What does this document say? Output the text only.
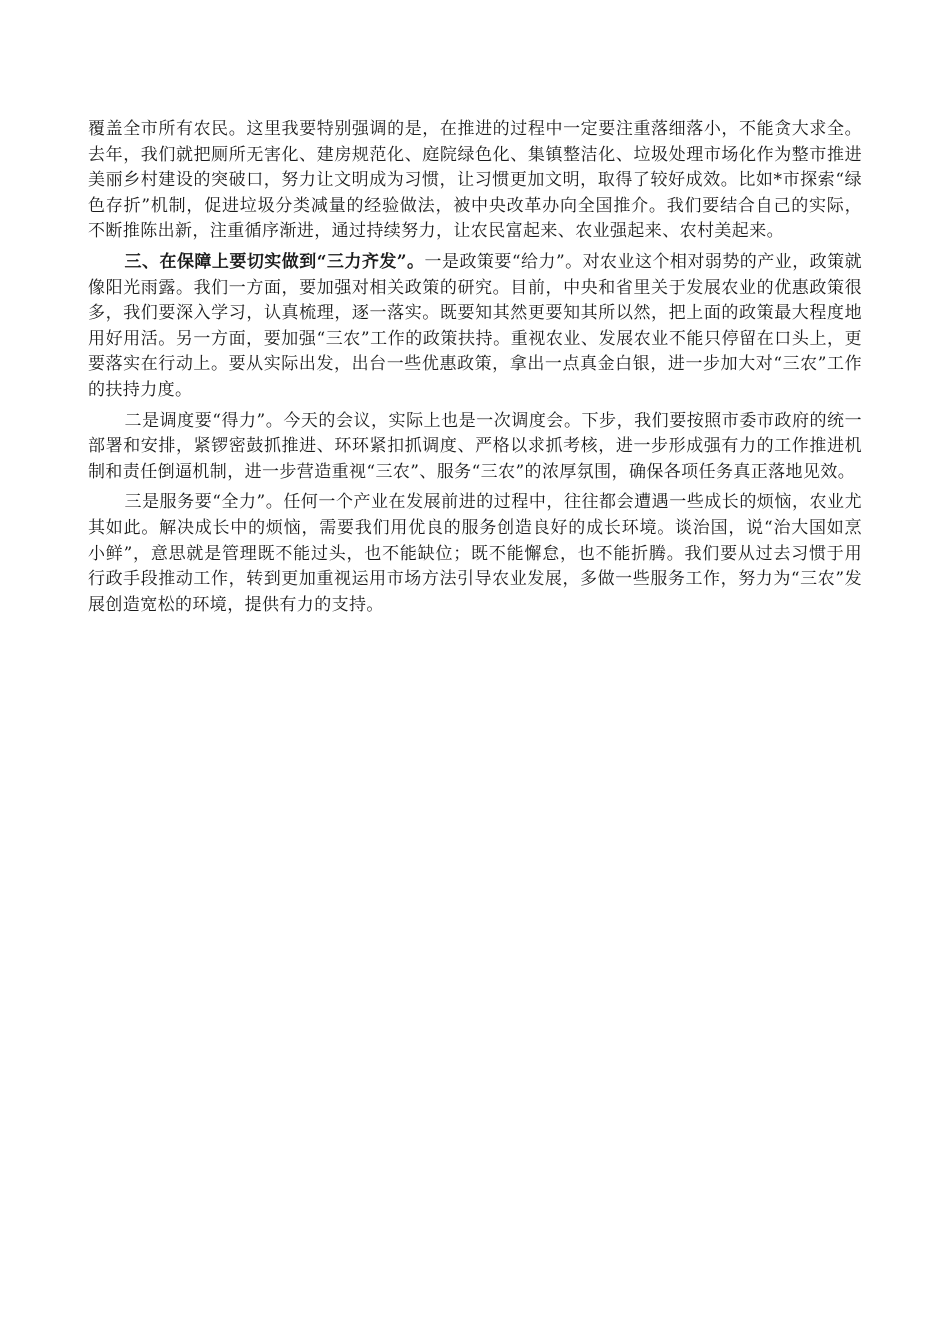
覆盖全市所有农民。这里我要特别强调的是，在推进的过程中一定要注重落细落小，不能贪大求全。去年，我们就把厕所无害化、建房规范化、庭院绿色化、集镇整洁化、垃圾处理市场化作为整市推进美丽乡村建设的突破口，努力让文明成为习惯，让习惯更加文明，取得了较好成效。比如*市探索“绿色存折”机制，促进垃圾分类减量的经验做法，被中央改革办向全国推介。我们要结合自己的实际，不断推陈出新，注重循序渐进，通过持续努力，让农民富起来、农业强起来、农村美起来。

三、在保障上要切实做到“三力齐发”。一是政策要“给力”。对农业这个相对弱势的产业，政策就像阳光雨露。我们一方面，要加强对相关政策的研究。目前，中央和省里关于发展农业的优惠政策很多，我们要深入学习，认真梳理，逐一落实。既要知其然更要知其所以然，把上面的政策最大程度地用好用活。另一方面，要加强“三农”工作的政策扶持。重视农业、发展农业不能只停留在口头上，更要落实在行动上。要从实际出发，出台一些优惠政策，拿出一点真金白银，进一步加大对“三农”工作的扶持力度。

二是调度要“得力”。今天的会议，实际上也是一次调度会。下步，我们要按照市委市政府的统一部署和安排，紧锣密鼓抓推进、环环紧扣抓调度、严格以求抓考核，进一步形成强有力的工作推进机制和责任倒逼机制，进一步营造重视“三农”、服务“三农”的浓厚氛围，确保各项任务真正落地见效。

三是服务要“全力”。任何一个产业在发展前进的过程中，往往都会遭遇一些成长的烦恼，农业尤其如此。解决成长中的烦恼，需要我们用优良的服务创造良好的成长环境。谈治国，说“治大国如烹小鲜”，意思就是管理既不能过头，也不能缺位；既不能懈怠，也不能折腾。我们要从过去习惯于用行政手段推动工作，转到更加重视运用市场方法引导农业发展，多做一些服务工作，努力为“三农”发展创造宽松的环境，提供有力的支持。
